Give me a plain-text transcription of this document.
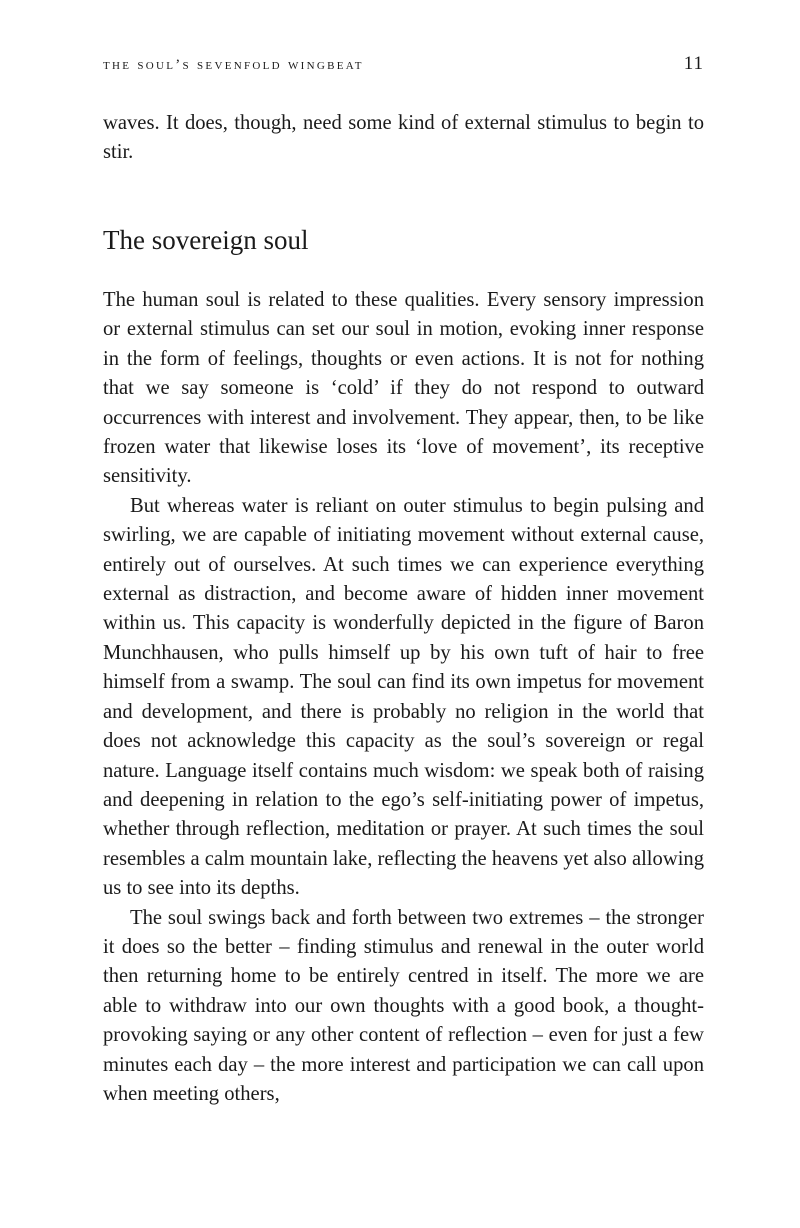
the soul’s sevenfold wingbeat	11

waves. It does, though, need some kind of external stimulus to begin to stir.

The sovereign soul

The human soul is related to these qualities. Every sensory impression or external stimulus can set our soul in motion, evoking inner response in the form of feelings, thoughts or even actions. It is not for nothing that we say someone is ‘cold’ if they do not respond to outward occurrences with interest and involvement. They appear, then, to be like frozen water that likewise loses its ‘love of movement’, its receptive sensitivity.

But whereas water is reliant on outer stimulus to begin pulsing and swirling, we are capable of initiating movement without external cause, entirely out of ourselves. At such times we can experience everything external as distraction, and become aware of hidden inner movement within us. This capacity is wonderfully depicted in the figure of Baron Munchhausen, who pulls himself up by his own tuft of hair to free himself from a swamp. The soul can find its own impetus for movement and development, and there is probably no religion in the world that does not acknowledge this capacity as the soul’s sovereign or regal nature. Language itself contains much wisdom: we speak both of raising and deepening in relation to the ego’s self-initiating power of impetus, whether through reflection, meditation or prayer. At such times the soul resembles a calm mountain lake, reflecting the heavens yet also allowing us to see into its depths.

The soul swings back and forth between two extremes – the stronger it does so the better – finding stimulus and renewal in the outer world then returning home to be entirely centred in itself. The more we are able to withdraw into our own thoughts with a good book, a thought-provoking saying or any other content of reflection – even for just a few minutes each day – the more interest and participation we can call upon when meeting others,
